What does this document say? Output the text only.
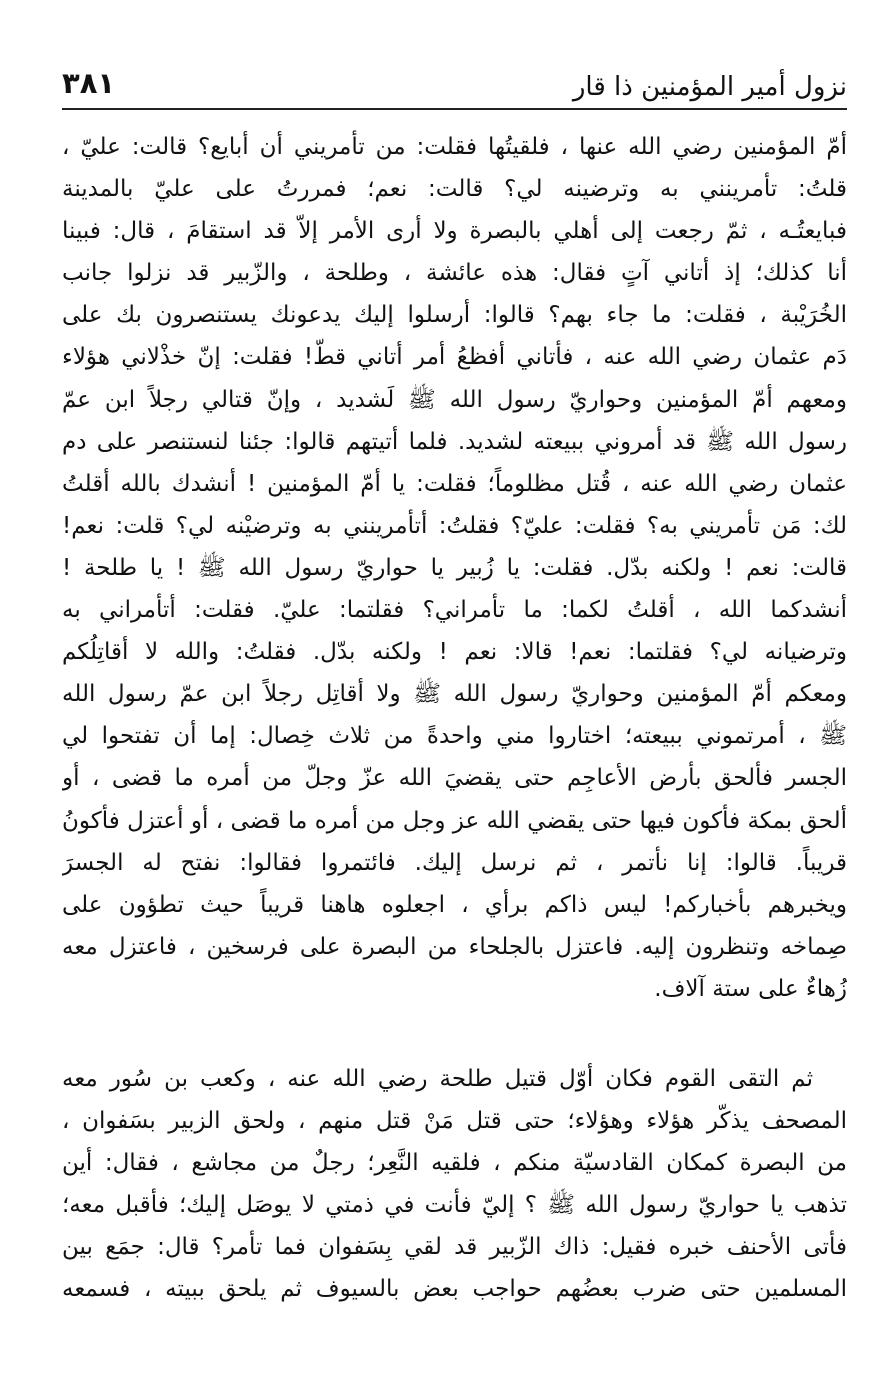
نزول أمير المؤمنين ذا قار
٣٨١
أمّ المؤمنين رضي الله عنها ، فلقيتُها فقلت: من تأمريني أن أبايع؟ قالت: عليّ ،
قلتُ: تأمرينني به وترضينه لي؟ قالت: نعم؛ فمررتُ على عليّ بالمدينة
فبايعتُـه ، ثمّ رجعت إلى أهلي بالبصرة ولا أرى الأمر إلاّ قد استقامَ ، قال: فبينا
أنا كذلك؛ إذ أتاني آتٍ فقال: هذه عائشة ، وطلحة ، والزّبير قد نزلوا جانب
الخُرَيْبة ، فقلت: ما جاء بهم؟ قالوا: أرسلوا إليك يدعونك يستنصرون بك على
دَم عثمان رضي الله عنه ، فأتاني أفظعُ أمر أتاني قطّ! فقلت: إنّ خذْلاني هؤلاء
ومعهم أمّ المؤمنين وحواريّ رسول الله ﷺ لَشديد ، وإنّ قتالي رجلاً ابن عمّ
رسول الله ﷺ قد أمروني ببيعته لشديد. فلما أتيتهم قالوا: جئنا لنستنصر على دم
عثمان رضي الله عنه ، قُتل مظلوماً؛ فقلت: يا أمّ المؤمنين ! أنشدك بالله أقلتُ
لك: مَن تأمريني به؟ فقلت: عليّ؟ فقلتُ: أتأمرينني به وترضيْنه لي؟ قلت: نعم!
قالت: نعم ! ولكنه بدّل. فقلت: يا زُبير يا حواريّ رسول الله ﷺ ! يا طلحة !
أنشدكما الله ، أقلتُ لكما: ما تأمراني؟ فقلتما: عليّ. فقلت: أتأمراني به
وترضيانه لي؟ فقلتما: نعم! قالا: نعم ! ولكنه بدّل. فقلتُ: والله لا أقاتِلُكم
ومعكم أمّ المؤمنين وحواريّ رسول الله ﷺ ولا أقاتِل رجلاً ابن عمّ رسول الله
ﷺ ، أمرتموني ببيعته؛ اختاروا مني واحدةً من ثلاث خِصال: إما أن تفتحوا لي
الجسر فألحق بأرض الأعاجِم حتى يقضيَ الله عزّ وجلّ من أمره ما قضى ، أو
ألحق بمكة فأكون فيها حتى يقضي الله عز وجل من أمره ما قضى ، أو أعتزل فأكونُ
قريباً. قالوا: إنا نأتمر ، ثم نرسل إليك. فائتمروا فقالوا: نفتح له الجسرَ
ويخبرهم بأخباركم! ليس ذاكم برأي ، اجعلوه هاهنا قريباً حيث تطؤون على
صِماخه وتنظرون إليه. فاعتزل بالجلحاء من البصرة على فرسخين ، فاعتزل معه
زُهاءٌ على ستة آلاف.
ثم التقى القوم فكان أوّل قتيل طلحة رضي الله عنه ، وكعب بن سُور معه
المصحف يذكّر هؤلاء وهؤلاء؛ حتى قتل مَنْ قتل منهم ، ولحق الزبير بسَفوان ،
من البصرة كمكان القادسيّة منكم ، فلقيه النَّعِر؛ رجلٌ من مجاشع ، فقال: أين
تذهب يا حواريّ رسول الله ﷺ ؟ إليّ فأنت في ذمتي لا يوصَل إليك؛ فأقبل معه؛
فأتى الأحنف خبره فقيل: ذاك الزّبير قد لقي بِسَفوان فما تأمر؟ قال: جمَع بين
المسلمين حتى ضرب بعضُهم حواجب بعض بالسيوف ثم يلحق ببيته ، فسمعه
